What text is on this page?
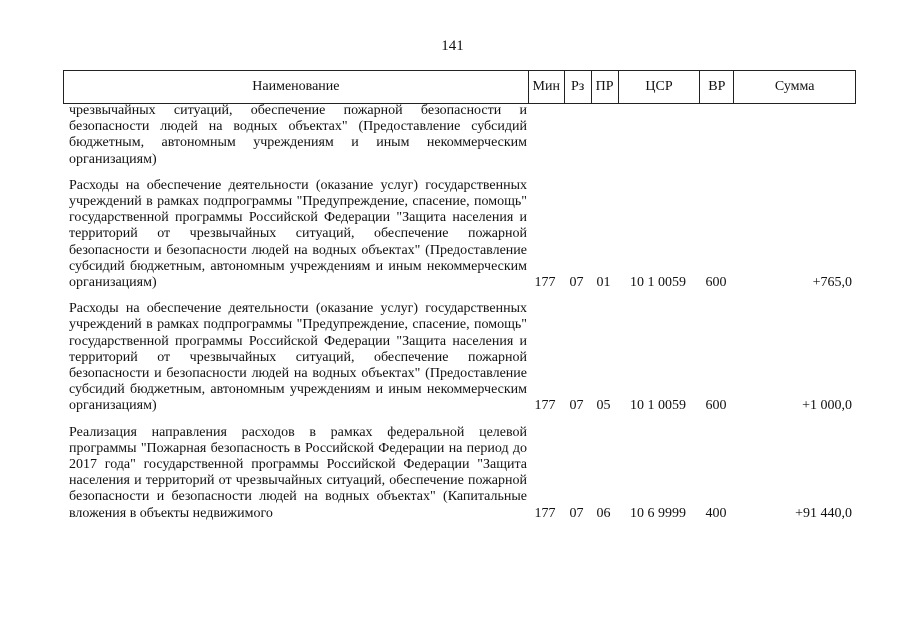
141
Наименование	Мин Рз ПР	ЦСР	ВР	Сумма
чрезвычайных ситуаций, обеспечение пожарной безопасности и безопасности людей на водных объектах" (Предоставление субсидий бюджетным, автономным учреждениям и иным некоммерческим организациям)
Расходы на обеспечение деятельности (оказание услуг) государственных учреждений в рамках подпрограммы "Предупреждение, спасение, помощь" государственной программы Российской Федерации "Защита населения и территорий от чрезвычайных ситуаций, обеспечение пожарной безопасности и безопасности людей на водных объектах" (Предоставление субсидий бюджетным, автономным учреждениям и иным некоммерческим организациям)	177	07 01	10 1 0059	600	+765,0
Расходы на обеспечение деятельности (оказание услуг) государственных учреждений в рамках подпрограммы "Предупреждение, спасение, помощь" государственной программы Российской Федерации "Защита населения и территорий от чрезвычайных ситуаций, обеспечение пожарной безопасности и безопасности людей на водных объектах" (Предоставление субсидий бюджетным, автономным учреждениям и иным некоммерческим организациям)	177	07 05	10 1 0059	600	+1 000,0
Реализация направления расходов в рамках федеральной целевой программы "Пожарная безопасность в Российской Федерации на период до 2017 года" государственной программы Российской Федерации "Защита населения и территорий от чрезвычайных ситуаций, обеспечение пожарной безопасности и безопасности людей на водных объектах" (Капитальные вложения в объекты недвижимого	177	07 06	10 6 9999	400	+91 440,0
